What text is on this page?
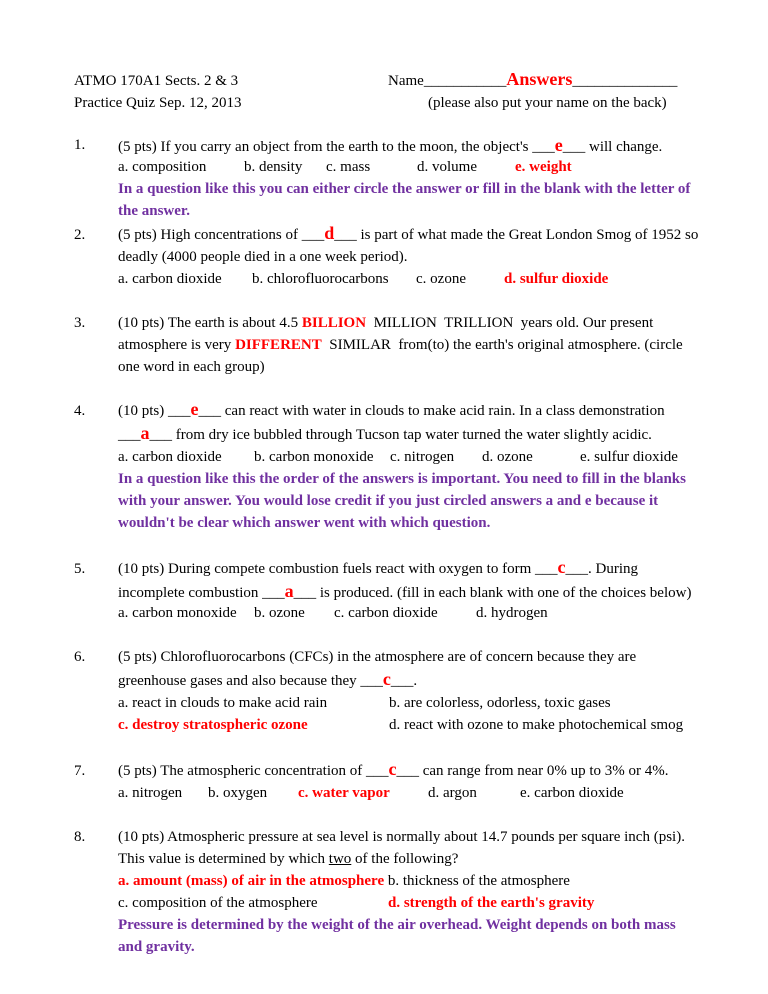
ATMO 170A1 Sects. 2 & 3
Practice Quiz Sep. 12, 2013
Name___________Answers______________
(please also put your name on the back)
1. (5 pts) If you carry an object from the earth to the moon, the object's ___e___ will change.
a. composition	b. density c. mass	d. volume	e. weight
In a question like this you can either circle the answer or fill in the blank with the letter of
the answer.
2. (5 pts) High concentrations of ___d___ is part of what made the Great London Smog of 1952 so
deadly (4000 people died in a one week period).
a. carbon dioxide b. chlorofluorocarbons c. ozone	d. sulfur dioxide
3. (10 pts) The earth is about 4.5 BILLION MILLION TRILLION years old. Our present
atmosphere is very DIFFERENT SIMILAR from(to) the earth's original atmosphere. (circle
one word in each group)
4. (10 pts) ___e___ can react with water in clouds to make acid rain. In a class demonstration
___a___ from dry ice bubbled through Tucson tap water turned the water slightly acidic.
a. carbon dioxide b. carbon monoxide c. nitrogen d. ozone	e. sulfur dioxide
In a question like this the order of the answers is important. You need to fill in the blanks
with your answer. You would lose credit if you just circled answers a and e because it
wouldn't be clear which answer went with which question.
5. (10 pts) During compete combustion fuels react with oxygen to form ___c___. During
incomplete combustion ___a___ is produced. (fill in each blank with one of the choices below)
a. carbon monoxide b. ozone c. carbon dioxide	d. hydrogen
6. (5 pts) Chlorofluorocarbons (CFCs) in the atmosphere are of concern because they are
greenhouse gases and also because they ___c___.
a. react in clouds to make acid rain	b. are colorless, odorless, toxic gases
c. destroy stratospheric ozone	d. react with ozone to make photochemical smog
7. (5 pts) The atmospheric concentration of ___c___ can range from near 0% up to 3% or 4%.
a. nitrogen b. oxygen c. water vapor	d. argon	e. carbon dioxide
8. (10 pts) Atmospheric pressure at sea level is normally about 14.7 pounds per square inch (psi).
This value is determined by which two of the following?
a. amount (mass) of air in the atmosphere b. thickness of the atmosphere
c. composition of the atmosphere	d. strength of the earth's gravity
Pressure is determined by the weight of the air overhead. Weight depends on both mass
and gravity.
